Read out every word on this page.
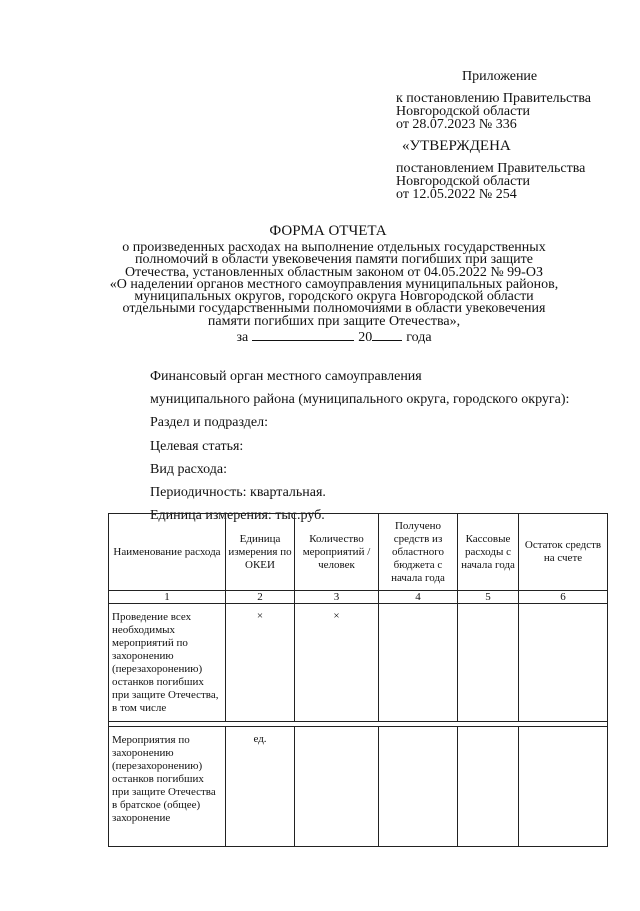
Приложение
к постановлению Правительства
Новгородской области
от 28.07.2023 № 336
«УТВЕРЖДЕНА
постановлением Правительства
Новгородской области
от 12.05.2022 № 254
ФОРМА ОТЧЕТА
о произведенных расходах на выполнение отдельных государственных
полномочий в области увековечения памяти погибших при защите
Отечества, установленных областным законом от 04.05.2022 № 99-ОЗ
«О наделении органов местного самоуправления муниципальных районов,
муниципальных округов, городского округа Новгородской области
отдельными государственными полномочиями в области увековечения
памяти погибших при защите Отечества»,
за	20 года
Финансовый орган местного самоуправления
муниципального района (муниципального округа, городского округа):
Раздел и подраздел:
Целевая статья:
Вид расхода:
Периодичность: квартальная.
Единица измерения: тыс.руб.
Наименование расхода	Единица измерения по ОКЕИ	Количество мероприятий / человек	Получено средств из областного бюджета с начала года	Кассовые расходы с начала года	Остаток средств на счете
1	2	3	4	5	6
Проведение всех необходимых мероприятий по захоронению (перезахоронению) останков погибших при защите Отечества, в том числе	×	×			

Мероприятия по захоронению (перезахоронению) останков погибших при защите Отечества в братское (общее) захоронение	ед.				
